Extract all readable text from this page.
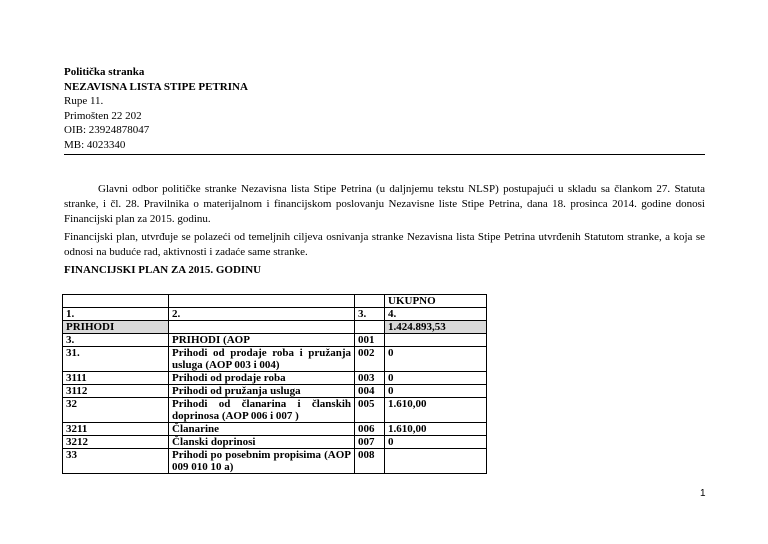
Politička stranka
NEZAVISNA LISTA STIPE PETRINA
Rupe 11.
Primošten 22 202
OIB: 23924878047
MB: 4023340
Glavni odbor političke stranke Nezavisna lista Stipe Petrina (u daljnjemu tekstu NLSP) postupajući u skladu sa člankom 27. Statuta stranke, i čl. 28. Pravilnika o materijalnom i financijskom poslovanju Nezavisne liste Stipe Petrina, dana 18. prosinca 2014. godine donosi Financijski plan za 2015. godinu.
Financijski plan, utvrđuje se polazeći od temeljnih ciljeva osnivanja stranke Nezavisna lista Stipe Petrina utvrđenih Statutom stranke, a koja se odnosi na buduće rad, aktivnosti i zadaće same stranke.
FINANCIJSKI PLAN ZA 2015. GODINU
			UKUPNO
1.	2.	3.	4.
PRIHODI			1.424.893,53
3.	PRIHODI (AOP	001	
31.	Prihodi od prodaje roba i pružanja usluga (AOP 003 i 004)	002	0
3111	Prihodi od prodaje roba	003	0
3112	Prihodi od pružanja usluga	004	0
32	Prihodi od članarina i članskih doprinosa (AOP 006 i 007 )	005	1.610,00
3211	Članarine	006	1.610,00
3212	Članski doprinosi	007	0
33	Prihodi po posebnim propisima (AOP 009 010 10 a)	008	
1
